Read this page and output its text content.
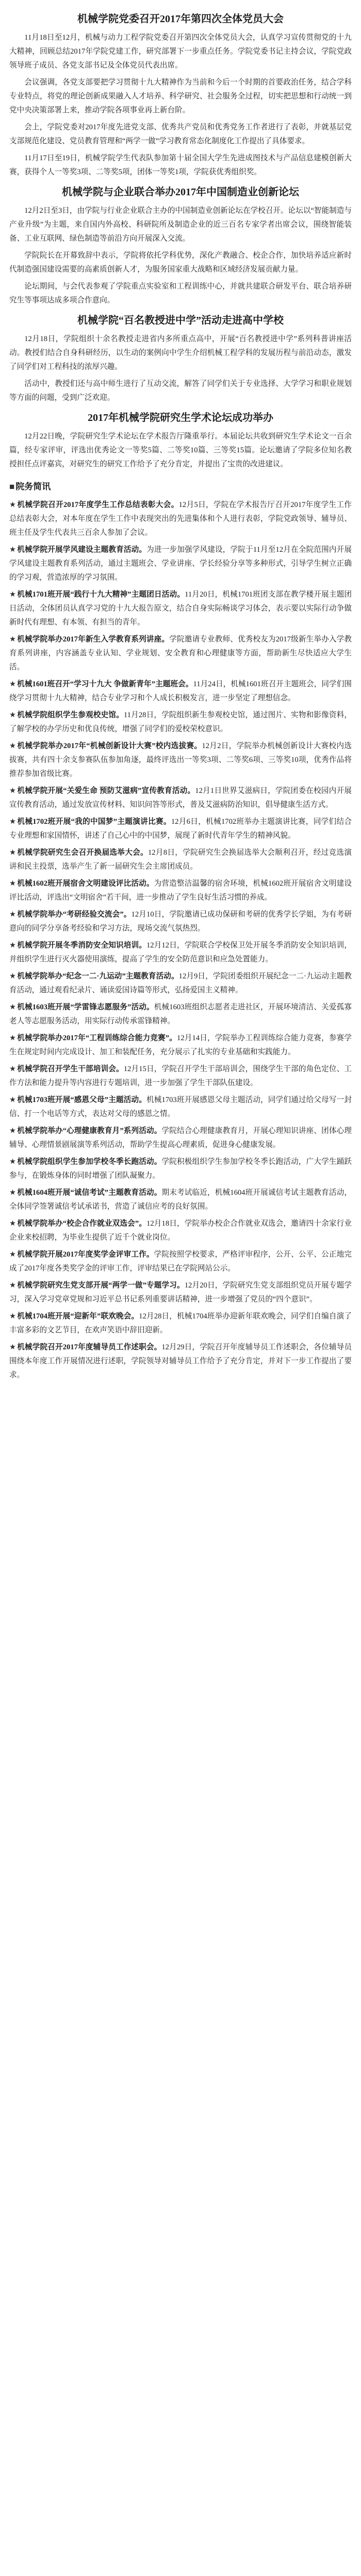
机械学院党委召开2017年第四次全体党员大会

11月18日至12月，机械与动力工程学院党委召开第四次全体党员大会，认真学习宣传贯彻党的十九大精神，回顾总结2017年学院党建工作，研究部署下一步重点任务。学院党委书记主持会议，学院党政领导班子成员、各党支部书记及全体党员代表出席。

会议强调，各党支部要把学习贯彻十九大精神作为当前和今后一个时期的首要政治任务，结合学科专业特点，将党的理论创新成果融入人才培养、科学研究、社会服务全过程，切实把思想和行动统一到党中央决策部署上来，推动学院各项事业再上新台阶。

会上，学院党委对2017年度先进党支部、优秀共产党员和优秀党务工作者进行了表彰，并就基层党支部规范化建设、党员教育管理和“两学一做”学习教育常态化制度化工作提出了具体要求。

11月17日至19日，机械学院学生代表队参加第十届全国大学生先进成图技术与产品信息建模创新大赛，获得个人一等奖3项、二等奖5项，团体一等奖1项，学院获优秀组织奖。

机械学院与企业联合举办2017年中国制造业创新论坛

12月2日至3日，由学院与行业企业联合主办的中国制造业创新论坛在学校召开。论坛以“智能制造与产业升级”为主题，来自国内外高校、科研院所及制造企业的近三百名专家学者出席会议，围绕智能装备、工业互联网、绿色制造等前沿方向开展深入交流。

学院院长在开幕致辞中表示，学院将依托学科优势，深化产教融合、校企合作，加快培养适应新时代制造强国建设需要的高素质创新人才，为服务国家重大战略和区域经济发展贡献力量。

论坛期间，与会代表参观了学院重点实验室和工程训练中心，并就共建联合研发平台、联合培养研究生等事项达成多项合作意向。

机械学院“百名教授进中学”活动走进高中学校

12月18日，学院组织十余名教授走进省内多所重点高中，开展“百名教授进中学”系列科普讲座活动。教授们结合自身科研经历，以生动的案例向中学生介绍机械工程学科的发展历程与前沿动态，激发了同学们对工程科技的浓厚兴趣。

活动中，教授们还与高中师生进行了互动交流，解答了同学们关于专业选择、大学学习和职业规划等方面的问题，受到广泛欢迎。

2017年机械学院研究生学术论坛成功举办

12月22日晚，学院研究生学术论坛在学术报告厅隆重举行。本届论坛共收到研究生学术论文一百余篇，经专家评审，评选出优秀论文一等奖5篇、二等奖10篇、三等奖15篇。论坛邀请了学院多位知名教授担任点评嘉宾，对研究生的研究工作给予了充分肯定，并提出了宝贵的改进建议。

■ 院务简讯
★ 机械学院召开2017年度学生工作总结表彰大会。12月5日，学院在学术报告厅召开2017年度学生工作总结表彰大会，对本年度在学生工作中表现突出的先进集体和个人进行表彰，学院党政领导、辅导员、班主任及学生代表共三百余人参加了会议。
★ 机械学院开展学风建设主题教育活动。为进一步加强学风建设，学院于11月至12月在全院范围内开展学风建设主题教育系列活动，通过主题班会、学业讲座、学长经验分享等多种形式，引导学生树立正确的学习观，营造浓厚的学习氛围。
★ 机械1701班开展“践行十九大精神”主题团日活动。11月20日，机械1701班团支部在教学楼开展主题团日活动，全体团员认真学习党的十九大报告原文，结合自身实际畅谈学习体会，表示要以实际行动争做新时代有理想、有本领、有担当的青年。
★ 机械学院举办2017年新生入学教育系列讲座。学院邀请专业教师、优秀校友为2017级新生举办入学教育系列讲座，内容涵盖专业认知、学业规划、安全教育和心理健康等方面，帮助新生尽快适应大学生活。
★ 机械1601班召开“学习十九大 争做新青年”主题班会。11月24日，机械1601班召开主题班会，同学们围绕学习贯彻十九大精神，结合专业学习和个人成长积极发言，进一步坚定了理想信念。
★ 机械学院组织学生参观校史馆。11月28日，学院组织新生参观校史馆，通过图片、实物和影像资料，了解学校的办学历史和优良传统，增强了同学们的爱校荣校意识。
★ 机械学院举办2017年“机械创新设计大赛”校内选拔赛。12月2日，学院举办机械创新设计大赛校内选拔赛，共有四十余支参赛队伍参加角逐，最终评选出一等奖3项、二等奖6项、三等奖10项，优秀作品将推荐参加省级比赛。
★ 机械学院开展“关爱生命 预防艾滋病”宣传教育活动。12月1日世界艾滋病日，学院团委在校园内开展宣传教育活动，通过发放宣传材料、知识问答等形式，普及艾滋病防治知识，倡导健康生活方式。
★ 机械1702班开展“我的中国梦”主题演讲比赛。12月6日，机械1702班举办主题演讲比赛，同学们结合专业理想和家国情怀，讲述了自己心中的中国梦，展现了新时代青年学生的精神风貌。
★ 机械学院研究生会召开换届选举大会。12月8日，学院研究生会换届选举大会顺利召开，经过竞选演讲和民主投票，选举产生了新一届研究生会主席团成员。
★ 机械1602班开展宿舍文明建设评比活动。为营造整洁温馨的宿舍环境，机械1602班开展宿舍文明建设评比活动，评选出“文明宿舍”若干间，进一步推动了学生良好生活习惯的养成。
★ 机械学院举办“考研经验交流会”。12月10日，学院邀请已成功保研和考研的优秀学长学姐，为有考研意向的同学分享备考经验和学习方法，现场交流气氛热烈。
★ 机械学院开展冬季消防安全知识培训。12月12日，学院联合学校保卫处开展冬季消防安全知识培训，并组织学生进行灭火器使用演练，提高了学生的安全防范意识和应急处置能力。
★ 机械学院举办“纪念一二·九运动”主题教育活动。12月9日，学院团委组织开展纪念一二·九运动主题教育活动，通过观看纪录片、诵读爱国诗篇等形式，弘扬爱国主义精神。
★ 机械1603班开展“学雷锋志愿服务”活动。机械1603班组织志愿者走进社区，开展环境清洁、关爱孤寡老人等志愿服务活动，用实际行动传承雷锋精神。
★ 机械学院举办2017年“工程训练综合能力竞赛”。12月14日，学院举办工程训练综合能力竞赛，参赛学生在规定时间内完成设计、加工和装配任务，充分展示了扎实的专业基础和实践能力。
★ 机械学院召开学生干部培训会。12月15日，学院召开学生干部培训会，围绕学生干部的角色定位、工作方法和能力提升等内容进行专题培训，进一步加强了学生干部队伍建设。
★ 机械1703班开展“感恩父母”主题活动。机械1703班开展感恩父母主题活动，同学们通过给父母写一封信、打一个电话等方式，表达对父母的感恩之情。
★ 机械学院举办“心理健康教育月”系列活动。学院结合心理健康教育月，开展心理知识讲座、团体心理辅导、心理情景剧展演等系列活动，帮助学生提高心理素质，促进身心健康发展。
★ 机械学院组织学生参加学校冬季长跑活动。学院积极组织学生参加学校冬季长跑活动，广大学生踊跃参与，在锻炼身体的同时增强了团队凝聚力。
★ 机械1604班开展“诚信考试”主题教育活动。期末考试临近，机械1604班开展诚信考试主题教育活动，全体同学签署诚信考试承诺书，营造了诚信应考的良好氛围。
★ 机械学院举办“校企合作就业双选会”。12月18日，学院举办校企合作就业双选会，邀请四十余家行业企业来校招聘，为毕业生提供了近千个就业岗位。
★ 机械学院开展2017年度奖学金评审工作。学院按照学校要求，严格评审程序，公开、公平、公正地完成了2017年度各类奖学金的评审工作，评审结果已在学院网站公示。
★ 机械学院研究生党支部开展“两学一做”专题学习。12月20日，学院研究生党支部组织党员开展专题学习，深入学习党章党规和习近平总书记系列重要讲话精神，进一步增强了党员的“四个意识”。
★ 机械1704班开展“迎新年”联欢晚会。12月28日，机械1704班举办迎新年联欢晚会，同学们自编自演了丰富多彩的文艺节目，在欢声笑语中辞旧迎新。
★ 机械学院召开2017年度辅导员工作述职会。12月29日，学院召开年度辅导员工作述职会，各位辅导员围绕本年度工作开展情况进行述职，学院领导对辅导员工作给予了充分肯定，并对下一步工作提出了要求。
